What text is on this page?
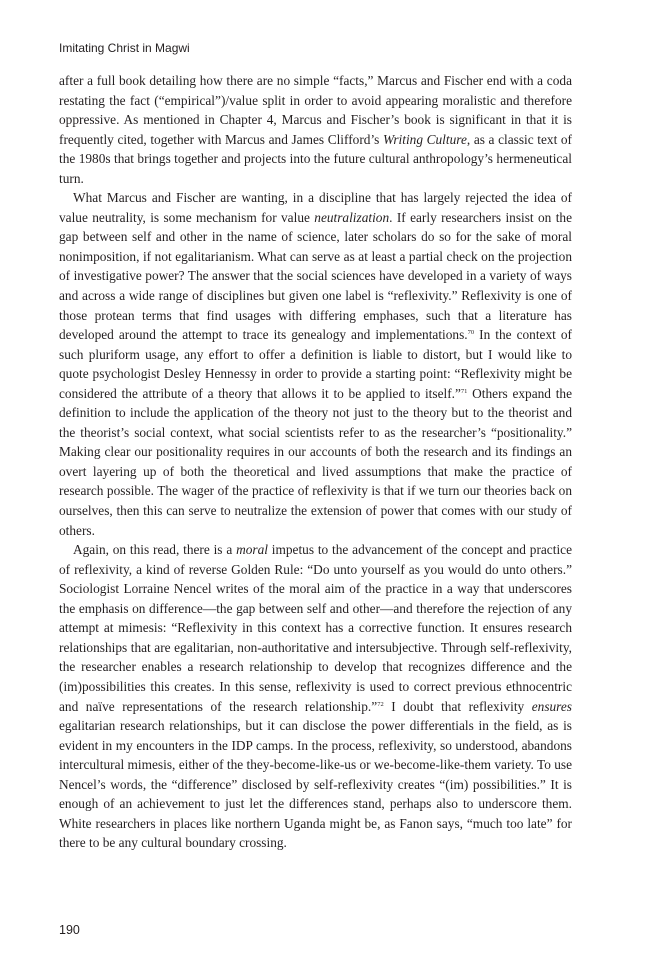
Imitating Christ in Magwi

after a full book detailing how there are no simple “facts,” Marcus and Fischer end with a coda restating the fact (“empirical”)/value split in order to avoid appearing moralistic and therefore oppressive. As mentioned in Chapter 4, Marcus and Fischer’s book is significant in that it is frequently cited, together with Marcus and James Clifford’s Writing Culture, as a classic text of the 1980s that brings together and projects into the future cultural anthropology’s hermeneutical turn.

What Marcus and Fischer are wanting, in a discipline that has largely rejected the idea of value neutrality, is some mechanism for value neutralization. If early researchers insist on the gap between self and other in the name of science, later scholars do so for the sake of moral nonimposition, if not egalitarianism. What can serve as at least a partial check on the projection of investigative power? The answer that the social sciences have developed in a variety of ways and across a wide range of disciplines but given one label is “reflexivity.” Reflexivity is one of those protean terms that find usages with differing emphases, such that a literature has developed around the attempt to trace its genealogy and implementations.$^{70}$ In the context of such pluriform usage, any effort to offer a definition is liable to distort, but I would like to quote psychologist Desley Hennessy in order to provide a starting point: “Reflexivity might be considered the attribute of a theory that allows it to be applied to itself.”$^{71}$ Others expand the definition to include the application of the theory not just to the theory but to the theorist and the theorist’s social context, what social scientists refer to as the researcher’s “positionality.” Making clear our positionality requires in our accounts of both the research and its findings an overt layering up of both the theoretical and lived assumptions that make the practice of research possible. The wager of the practice of reflexivity is that if we turn our theories back on ourselves, then this can serve to neutralize the extension of power that comes with our study of others.

Again, on this read, there is a moral impetus to the advancement of the concept and practice of reflexivity, a kind of reverse Golden Rule: “Do unto yourself as you would do unto others.” Sociologist Lorraine Nencel writes of the moral aim of the practice in a way that underscores the emphasis on difference—the gap between self and other—and therefore the rejection of any attempt at mimesis: “Reflexivity in this context has a corrective function. It ensures research relationships that are egalitarian, non-authoritative and intersubjective. Through self-reflexivity, the researcher enables a research relationship to develop that recognizes difference and the (im)possibilities this creates. In this sense, reflexivity is used to correct previous ethnocentric and naïve representations of the research relationship.”$^{72}$ I doubt that reflexivity ensures egalitarian research relationships, but it can disclose the power differentials in the field, as is evident in my encounters in the IDP camps. In the process, reflexivity, so understood, abandons intercultural mimesis, either of the they-become-like-us or we-become-like-them variety. To use Nencel’s words, the “difference” disclosed by self-reflexivity creates “(im) possibilities.” It is enough of an achievement to just let the differences stand, perhaps also to underscore them. White researchers in places like northern Uganda might be, as Fanon says, “much too late” for there to be any cultural boundary crossing.

190
